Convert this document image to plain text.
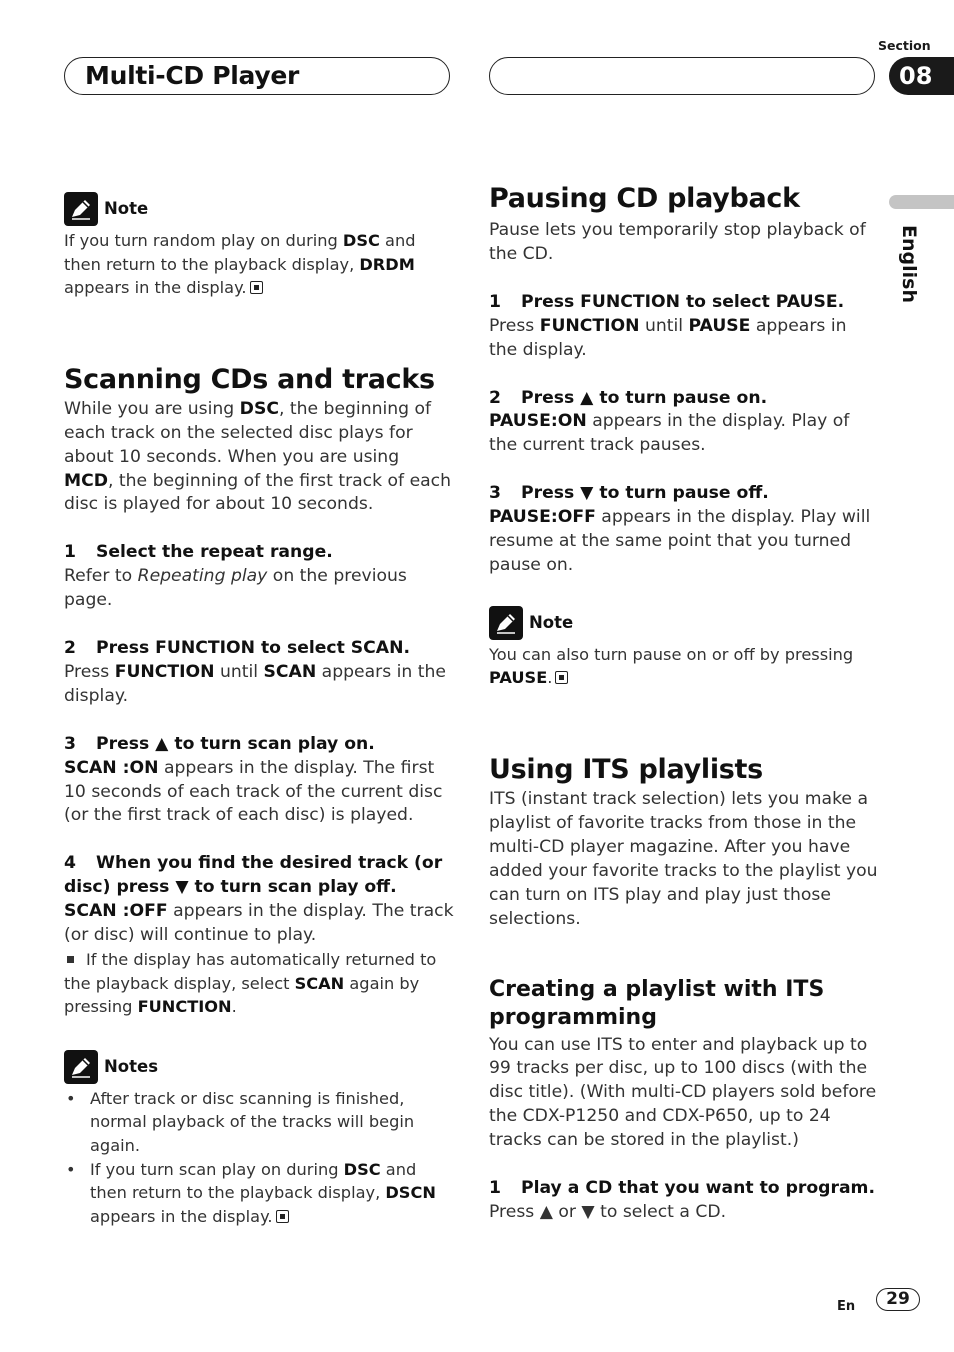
Multi-CD Player
Section
08
English
Note

If you turn random play on during DSC and then return to the playback display, DRDM appears in the display.

Scanning CDs and tracks

While you are using DSC, the beginning of each track on the selected disc plays for about 10 seconds. When you are using MCD, the beginning of the first track of each disc is played for about 10 seconds.

1 Select the repeat range.

Refer to Repeating play on the previous page.

2 Press FUNCTION to select SCAN.

Press FUNCTION until SCAN appears in the display.

3 Press ▲ to turn scan play on.

SCAN :ON appears in the display. The first 10 seconds of each track of the current disc (or the first track of each disc) is played.

4 When you find the desired track (or
disc) press ▼ to turn scan play off.

SCAN :OFF appears in the display. The track (or disc) will continue to play.

If the display has automatically returned to the playback display, select SCAN again by pressing FUNCTION.

Notes
• After track or disc scanning is finished, normal playback of the tracks will begin again.
• If you turn scan play on during DSC and then return to the playback display, DSCN appears in the display.
Pausing CD playback

Pause lets you temporarily stop playback of the CD.

1 Press FUNCTION to select PAUSE.

Press FUNCTION until PAUSE appears in the display.

2 Press ▲ to turn pause on.

PAUSE:ON appears in the display. Play of the current track pauses.

3 Press ▼ to turn pause off.

PAUSE:OFF appears in the display. Play will resume at the same point that you turned pause on.

Note

You can also turn pause on or off by pressing PAUSE.

Using ITS playlists

ITS (instant track selection) lets you make a playlist of favorite tracks from those in the multi-CD player magazine. After you have added your favorite tracks to the playlist you can turn on ITS play and play just those selections.

Creating a playlist with ITS programming

You can use ITS to enter and playback up to 99 tracks per disc, up to 100 discs (with the disc title). (With multi-CD players sold before the CDX-P1250 and CDX-P650, up to 24 tracks can be stored in the playlist.)

1 Play a CD that you want to program.

Press ▲ or ▼ to select a CD.

En	29
